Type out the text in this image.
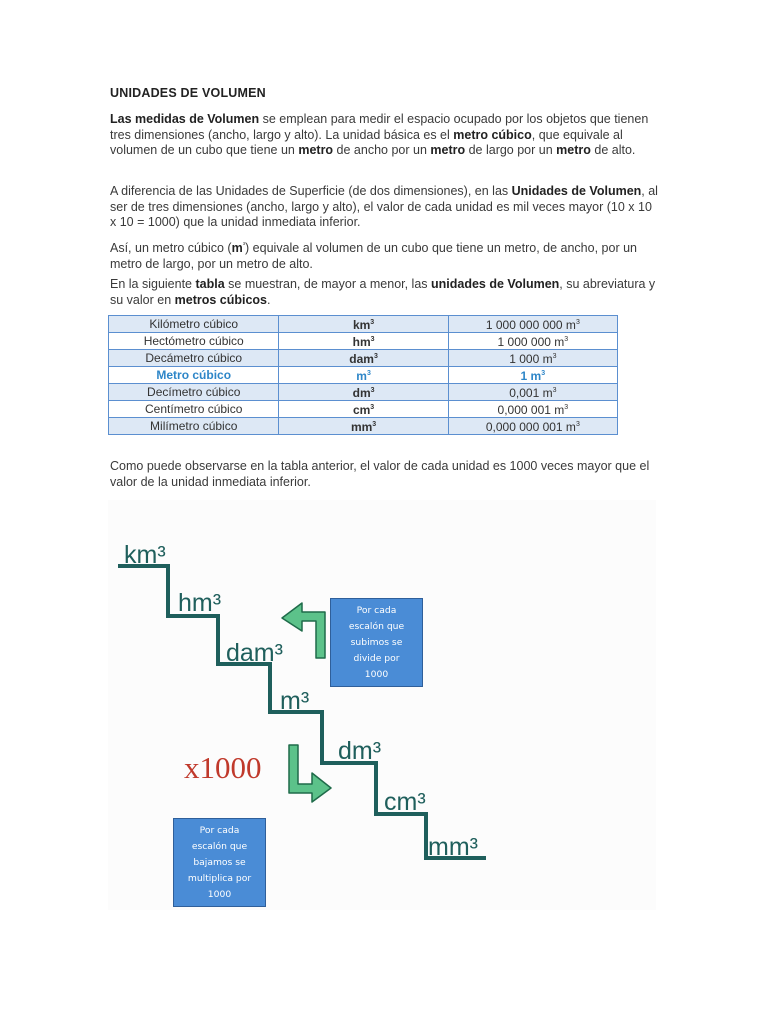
UNIDADES DE VOLUMEN
Las medidas de Volumen se emplean para medir el espacio ocupado por los objetos que tienen tres dimensiones (ancho, largo y alto). La unidad básica es el metro cúbico, que equivale al volumen de un cubo que tiene un metro de ancho por un metro de largo por un metro de alto.
A diferencia de las Unidades de Superficie (de dos dimensiones), en las Unidades de Volumen, al ser de tres dimensiones (ancho, largo y alto), el valor de cada unidad es mil veces mayor (10 x 10 x 10 = 1000) que la unidad inmediata inferior.
Así, un metro cúbico $(m^{^3})$ equivale al volumen de un cubo que tiene un metro, de ancho, por un metro de largo, por un metro de alto.
En la siguiente tabla se muestran, de mayor a menor, las unidades de Volumen, su abreviatura y su valor en metros cúbicos.
Kilómetro cúbico	$km^3$	1 000 000 000 $m^3$
Hectómetro cúbico	$hm^3$	1 000 000 $m^3$
Decámetro cúbico	dam$^3$	1 000 $m^3$
Metro cúbico	$m^3$	1 $m^3$
Decímetro cúbico	$dm^3$	0,001 $m^3$
Centímetro cúbico	$cm^3$	0,000 001 $m^3$
Milímetro cúbico	$mm^3$	0,000 000 001 $m^3$
Como puede observarse en la tabla anterior, el valor de cada unidad es 1000 veces mayor que el valor de la unidad inmediata inferior.
km³
hm³
dam³
m³
dm³
cm³
mm³
x1000
Por cada
escalón que
subimos se
divide por
1000
Por cada
escalón que
bajamos se
multiplica por
1000
